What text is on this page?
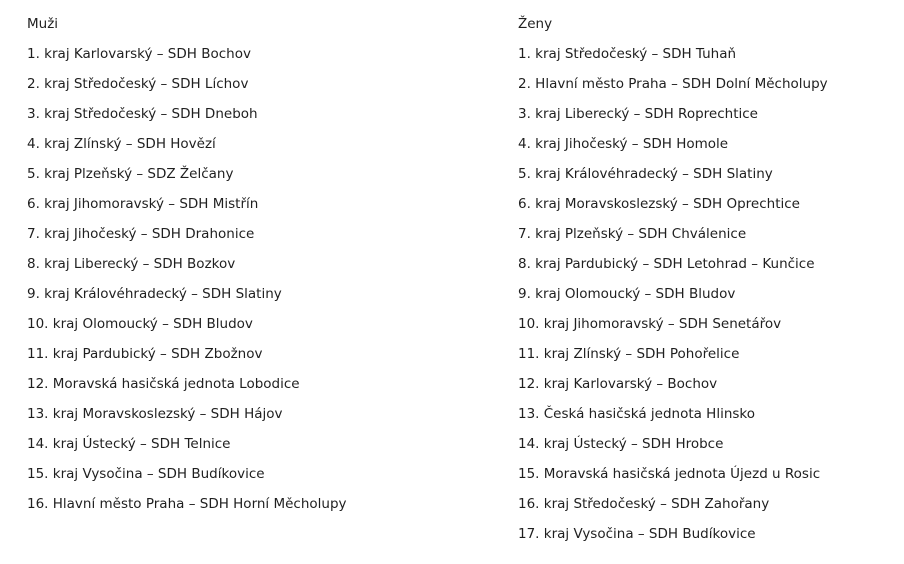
Muži
1. kraj Karlovarský – SDH Bochov
2. kraj Středočeský – SDH Líchov
3. kraj Středočeský – SDH Dneboh
4. kraj Zlínský – SDH Hovězí
5. kraj Plzeňský – SDZ Želčany
6. kraj Jihomoravský – SDH Mistřín
7. kraj Jihočeský – SDH Drahonice
8. kraj Liberecký – SDH Bozkov
9. kraj Královéhradecký – SDH Slatiny
10. kraj Olomoucký – SDH Bludov
11. kraj Pardubický – SDH Zbožnov
12. Moravská hasičská jednota Lobodice
13. kraj Moravskoslezský – SDH Hájov
14. kraj Ústecký – SDH Telnice
15. kraj Vysočina – SDH Budíkovice
16. Hlavní město Praha – SDH Horní Měcholupy
Ženy
1. kraj Středočeský – SDH Tuhaň
2. Hlavní město Praha – SDH Dolní Měcholupy
3. kraj Liberecký – SDH Roprechtice
4. kraj Jihočeský – SDH Homole
5. kraj Královéhradecký – SDH Slatiny
6. kraj Moravskoslezský – SDH Oprechtice
7. kraj Plzeňský – SDH Chválenice
8. kraj Pardubický – SDH Letohrad – Kunčice
9. kraj Olomoucký – SDH Bludov
10. kraj Jihomoravský – SDH Senetářov
11. kraj Zlínský – SDH Pohořelice
12. kraj Karlovarský – Bochov
13. Česká hasičská jednota Hlinsko
14. kraj Ústecký – SDH Hrobce
15. Moravská hasičská jednota Újezd u Rosic
16. kraj Středočeský – SDH Zahořany
17. kraj Vysočina – SDH Budíkovice
